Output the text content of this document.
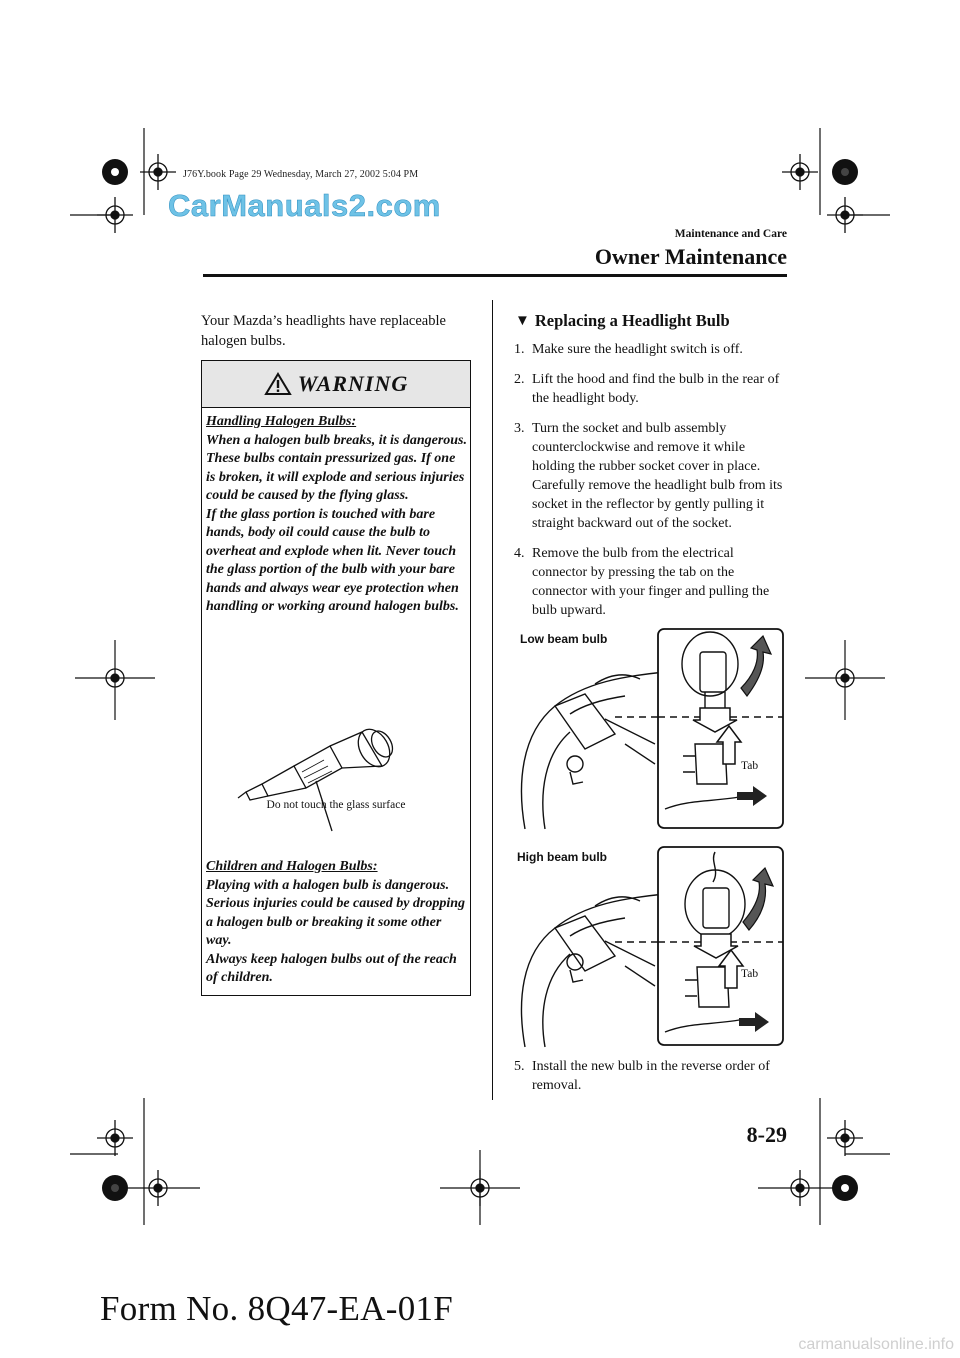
J76Y.book Page 29 Wednesday, March 27, 2002 5:04 PM
CarManuals2.com
Maintenance and Care
Owner Maintenance
Your Mazda’s headlights have replaceable halogen bulbs.
WARNING
Handling Halogen Bulbs:

When a halogen bulb breaks, it is dangerous. These bulbs contain pressurized gas. If one is broken, it will explode and serious injuries could be caused by the flying glass.

If the glass portion is touched with bare hands, body oil could cause the bulb to overheat and explode when lit. Never touch the glass portion of the bulb with your bare hands and always wear eye protection when handling or working around halogen bulbs.

Do not touch the glass surface
Children and Halogen Bulbs:

Playing with a halogen bulb is dangerous. Serious injuries could be caused by dropping a halogen bulb or breaking it some other way.

Always keep halogen bulbs out of the reach of children.

▼ Replacing a Headlight Bulb
1. Make sure the headlight switch is off.
2. Lift the hood and find the bulb in the rear of the headlight body.
3. Turn the socket and bulb assembly counterclockwise and remove it while holding the rubber socket cover in place. Carefully remove the headlight bulb from its socket in the reflector by gently pulling it straight backward out of the socket.
4. Remove the bulb from the electrical connector by pressing the tab on the connector with your finger and pulling the bulb upward.
Low beam bulb
Tab
High beam bulb
Tab
5. Install the new bulb in the reverse order of removal.
8-29
Form No. 8Q47-EA-01F
carmanualsonline.info
